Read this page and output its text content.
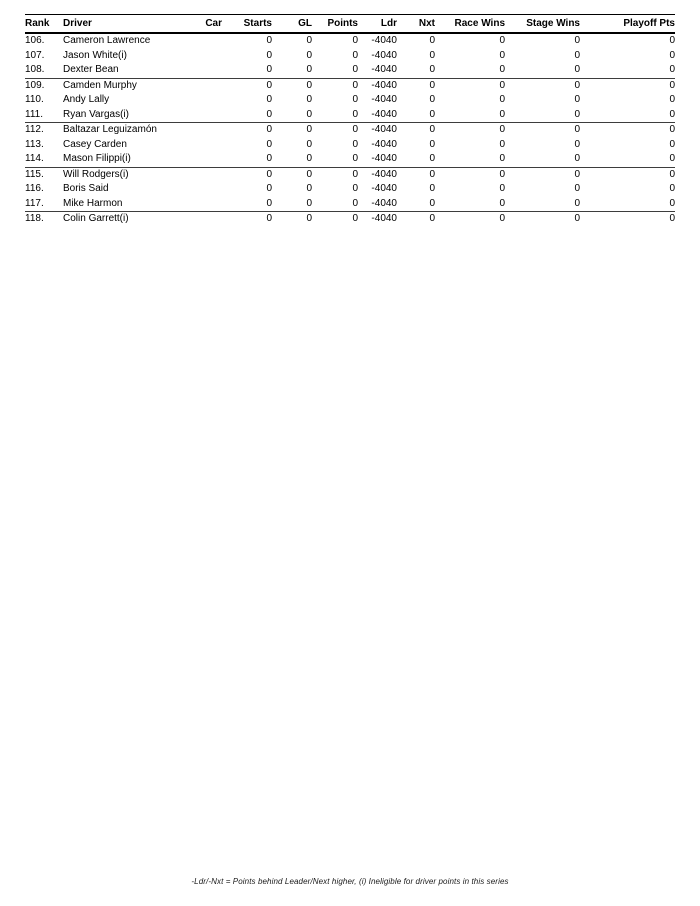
Rank	Driver	Car	Starts	GL	Points	Ldr	Nxt	Race Wins	Stage Wins	Playoff Pts
106.	Cameron Lawrence		0	0	0	-4040	0	0	0	0
107.	Jason White(i)		0	0	0	-4040	0	0	0	0
108.	Dexter Bean		0	0	0	-4040	0	0	0	0
109.	Camden Murphy		0	0	0	-4040	0	0	0	0
110.	Andy Lally		0	0	0	-4040	0	0	0	0
111.	Ryan Vargas(i)		0	0	0	-4040	0	0	0	0
112.	Baltazar Leguizamón		0	0	0	-4040	0	0	0	0
113.	Casey Carden		0	0	0	-4040	0	0	0	0
114.	Mason Filippi(i)		0	0	0	-4040	0	0	0	0
115.	Will Rodgers(i)		0	0	0	-4040	0	0	0	0
116.	Boris Said		0	0	0	-4040	0	0	0	0
117.	Mike Harmon		0	0	0	-4040	0	0	0	0
118.	Colin Garrett(i)		0	0	0	-4040	0	0	0	0
-Ldr/-Nxt = Points behind Leader/Next higher, (i) Ineligible for driver points in this series
